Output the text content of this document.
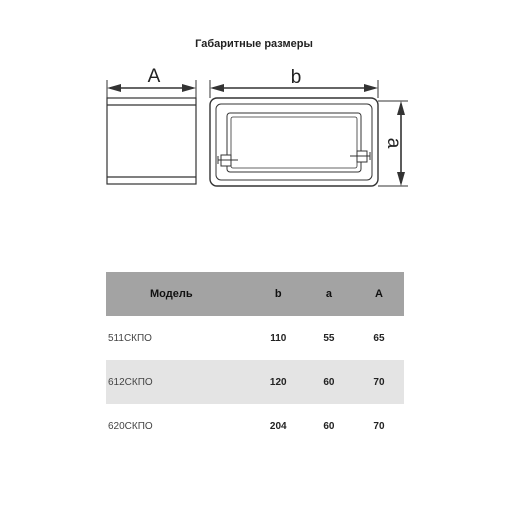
Габаритные размеры
A	b
a
Модель	b	a	A
511СКПО	110	55	65
612СКПО	120	60	70
620СКПО	204	60	70
